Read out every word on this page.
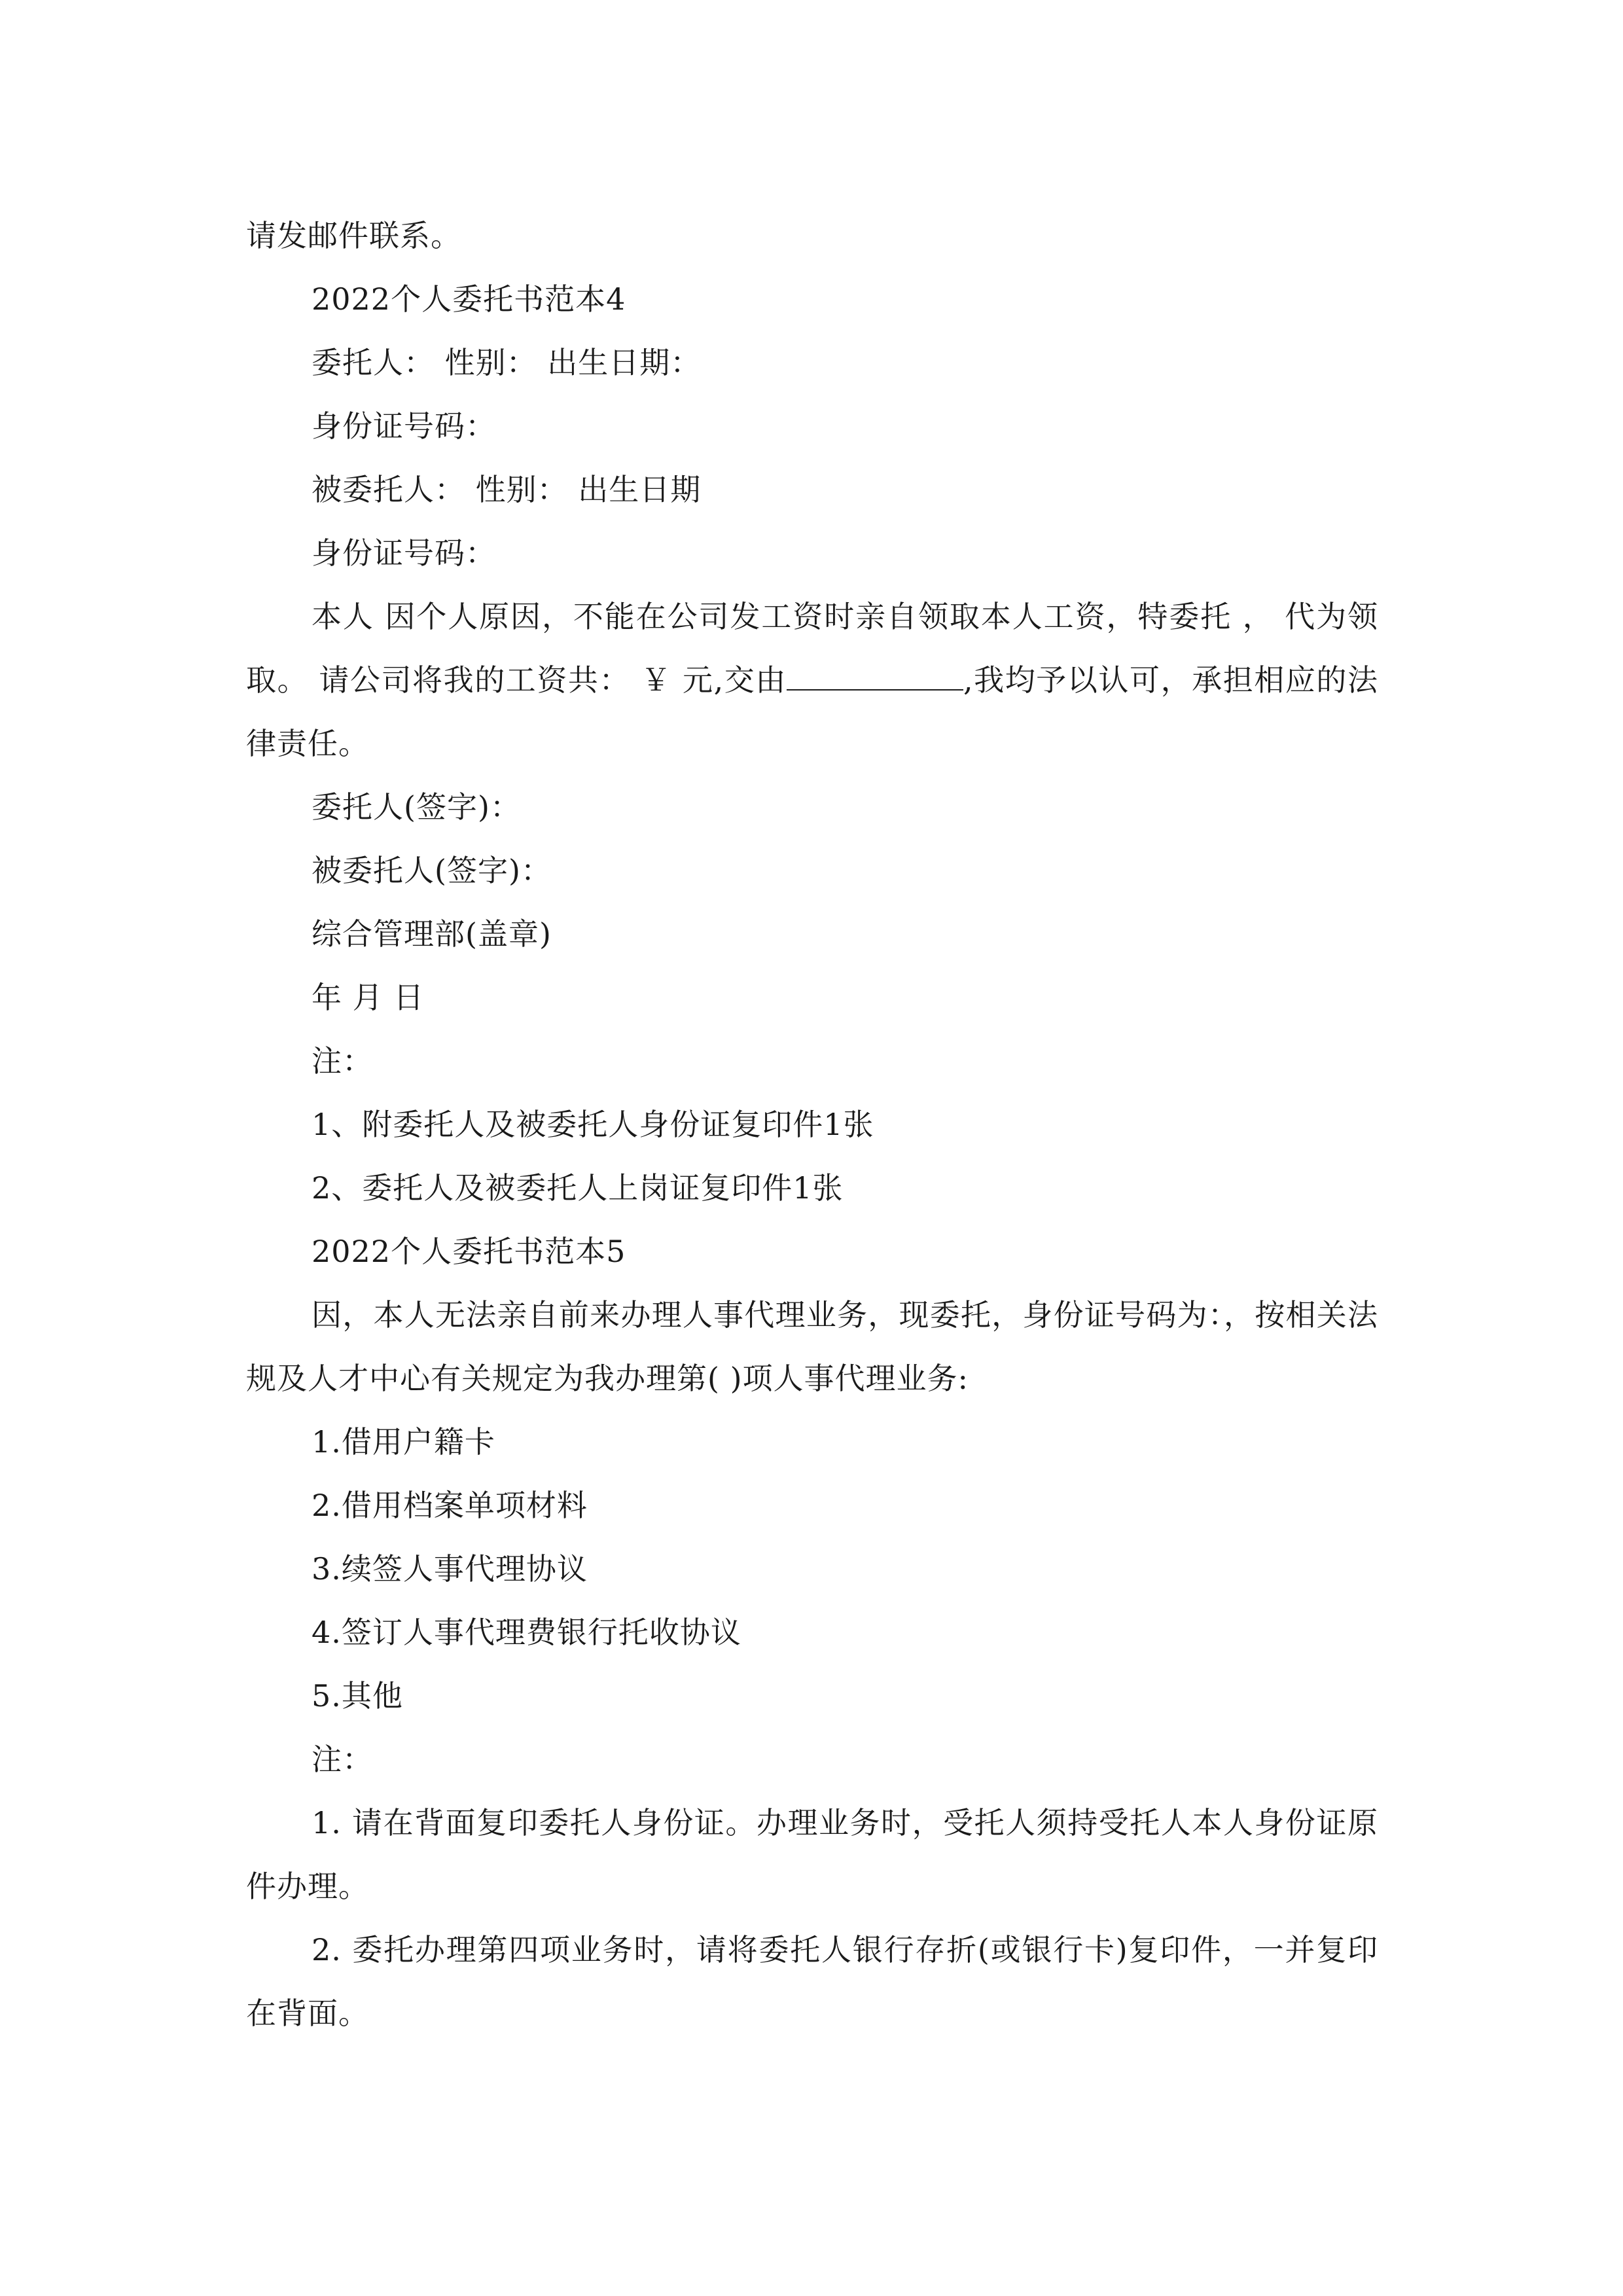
请发邮件联系。
2022个人委托书范本4
委托人： 性别： 出生日期：
身份证号码：
被委托人： 性别： 出生日期
身份证号码：

本人 因个人原因，不能在公司发工资时亲自领取本人工资，特委托 ， 代为领取。 请公司将我的工资共： ￥ 元,交由	,我均予以认可，承担相应的法律责任。

委托人(签字)：
被委托人(签字)：
综合管理部(盖章)
年 月 日
注：
1、附委托人及被委托人身份证复印件1张
2、委托人及被委托人上岗证复印件1张
2022个人委托书范本5

因，本人无法亲自前来办理人事代理业务，现委托，身份证号码为：，按相关法规及人才中心有关规定为我办理第( )项人事代理业务:

1.借用户籍卡
2.借用档案单项材料
3.续签人事代理协议
4.签订人事代理费银行托收协议
5.其他
注：

1. 请在背面复印委托人身份证。办理业务时，受托人须持受托人本人身份证原件办理。

2. 委托办理第四项业务时，请将委托人银行存折(或银行卡)复印件，一并复印在背面。
